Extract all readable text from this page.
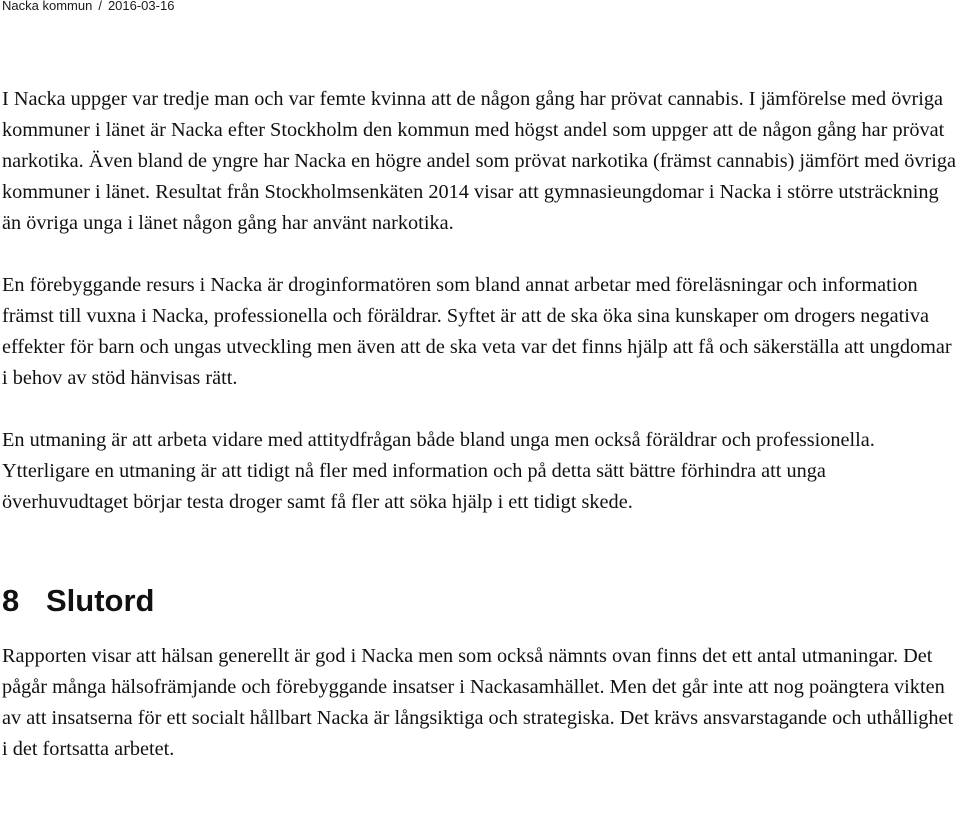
Nacka kommun / 2016-03-16

I Nacka uppger var tredje man och var femte kvinna att de någon gång har prövat cannabis. I jämförelse med övriga kommuner i länet är Nacka efter Stockholm den kommun med högst andel som uppger att de någon gång har prövat narkotika. Även bland de yngre har Nacka en högre andel som prövat narkotika (främst cannabis) jämfört med övriga kommuner i länet. Resultat från Stockholmsenkäten 2014 visar att gymnasieungdomar i Nacka i större utsträckning än övriga unga i länet någon gång har använt narkotika.

En förebyggande resurs i Nacka är droginformatören som bland annat arbetar med föreläsningar och information främst till vuxna i Nacka, professionella och föräldrar. Syftet är att de ska öka sina kunskaper om drogers negativa effekter för barn och ungas utveckling men även att de ska veta var det finns hjälp att få och säkerställa att ungdomar i behov av stöd hänvisas rätt.

En utmaning är att arbeta vidare med attitydfrågan både bland unga men också föräldrar och professionella.

Ytterligare en utmaning är att tidigt nå fler med information och på detta sätt bättre förhindra att unga överhuvudtaget börjar testa droger samt få fler att söka hjälp i ett tidigt skede.

8 Slutord

Rapporten visar att hälsan generellt är god i Nacka men som också nämnts ovan finns det ett antal utmaningar. Det pågår många hälsofrämjande och förebyggande insatser i Nackasamhället. Men det går inte att nog poängtera vikten av att insatserna för ett socialt hållbart Nacka är långsiktiga och strategiska. Det krävs ansvarstagande och uthållighet i det fortsatta arbetet.
